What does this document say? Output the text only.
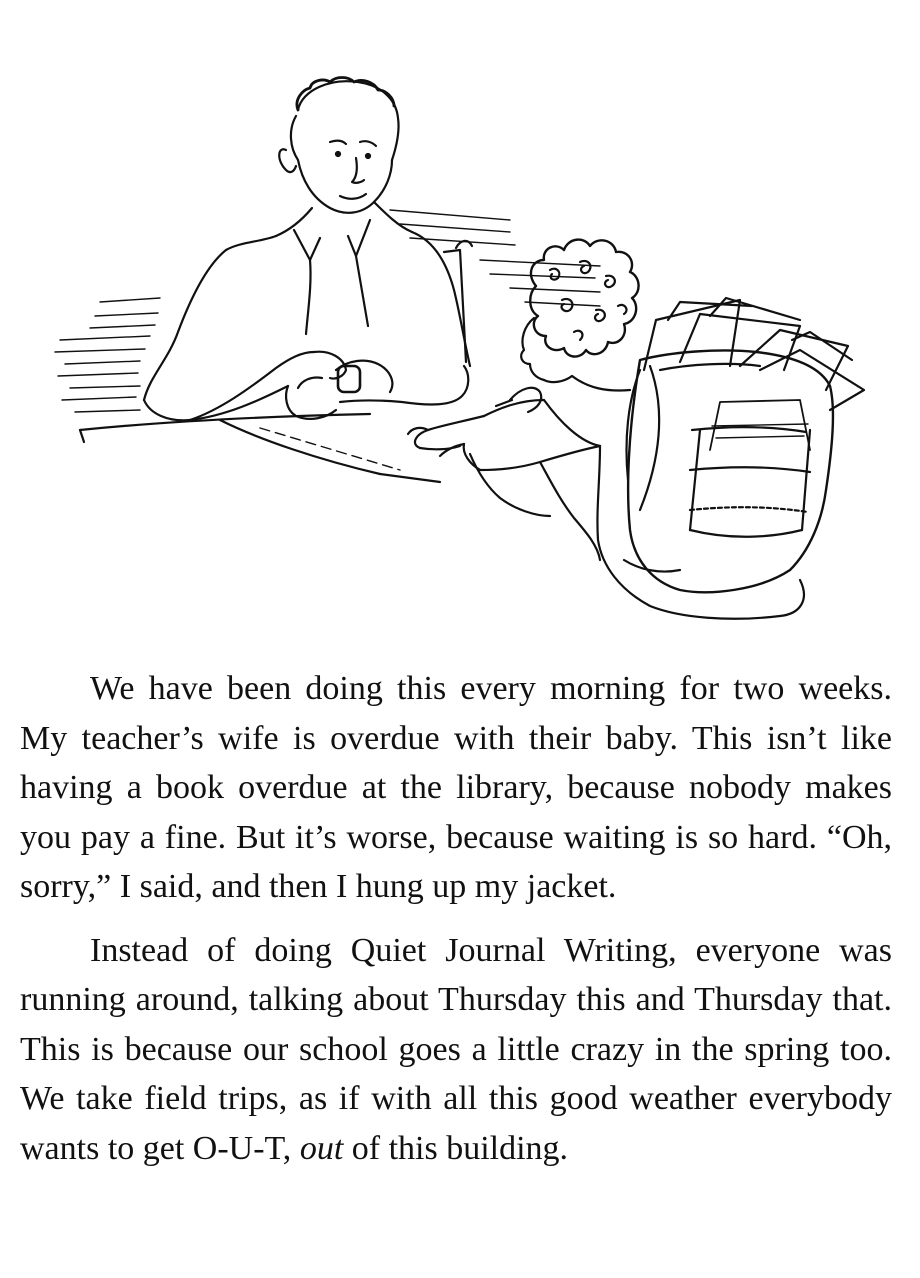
We have been doing this every morning for two weeks. My teacher’s wife is overdue with their baby. This isn’t like having a book overdue at the library, because nobody makes you pay a fine. But it’s worse, because waiting is so hard. “Oh, sorry,” I said, and then I hung up my jacket.

Instead of doing Quiet Journal Writing, everyone was running around, talking about Thursday this and Thursday that. This is because our school goes a little crazy in the spring too. We take field trips, as if with all this good weather everybody wants to get O-U-T, out of this building.
